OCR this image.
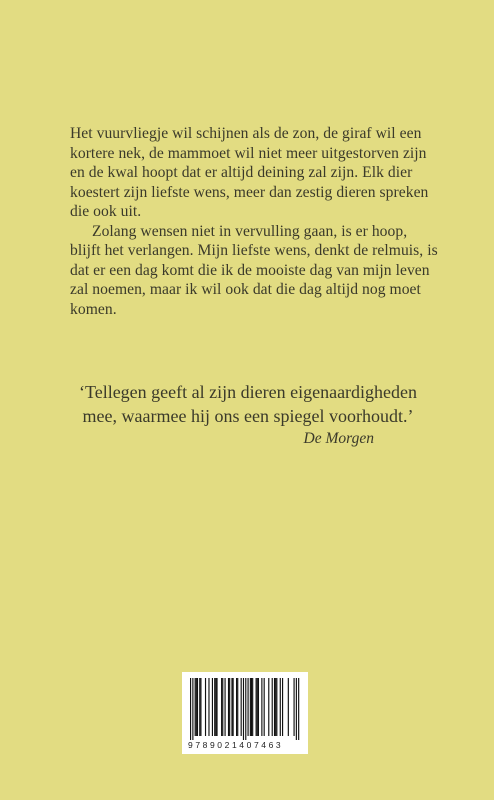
Het vuurvliegje wil schijnen als de zon, de giraf wil een kortere nek, de mammoet wil niet meer uitgestorven zijn en de kwal hoopt dat er altijd deining zal zijn. Elk dier koestert zijn liefste wens, meer dan zestig dieren spreken die ook uit.

Zolang wensen niet in vervulling gaan, is er hoop, blijft het verlangen. Mijn liefste wens, denkt de relmuis, is dat er een dag komt die ik de mooiste dag van mijn leven zal noemen, maar ik wil ook dat die dag altijd nog moet komen.

‘Tellegen geeft al zijn dieren eigenaardigheden mee, waarmee hij ons een spiegel voorhoudt.’

De Morgen

9789021407463
